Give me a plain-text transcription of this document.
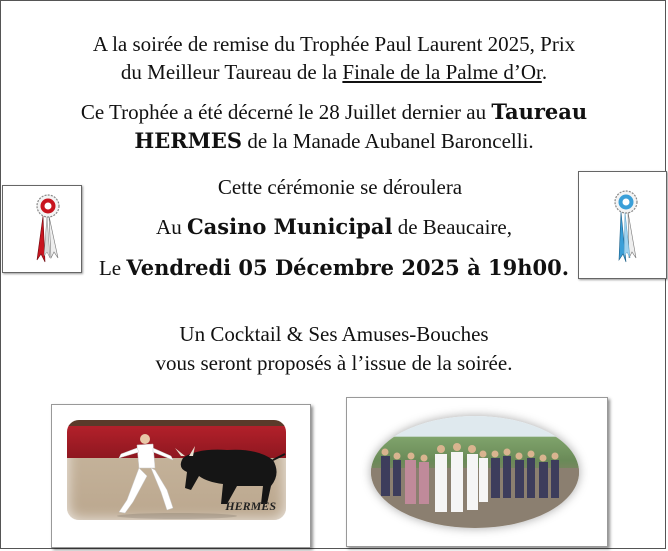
A la soirée de remise du Trophée Paul Laurent 2025, Prix
du Meilleur Taureau de la Finale de la Palme d’Or.
Ce Trophée a été décerné le 28 Juillet dernier au Taureau
HERMES de la Manade Aubanel Baroncelli.
Cette cérémonie se déroulera
Au Casino Municipal de Beaucaire,
Le Vendredi 05 Décembre 2025 à 19h00.
Un Cocktail & Ses Amuses-Bouches
vous seront proposés à l’issue de la soirée.
HERMES
